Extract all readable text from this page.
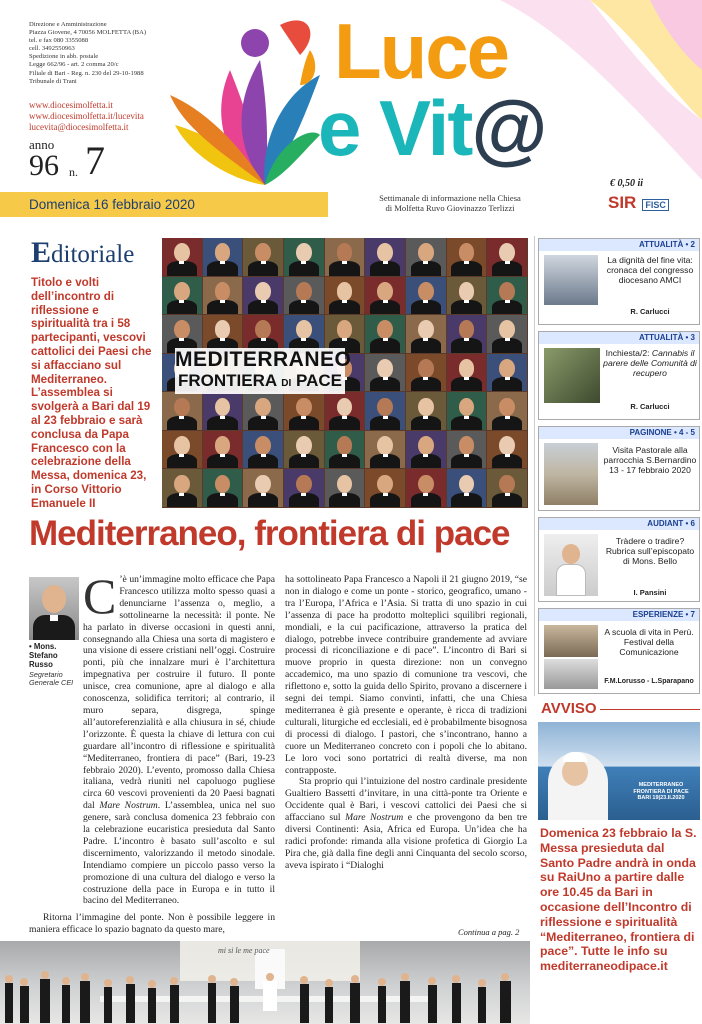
Direzione e Amministrazione
Piazza Giovene, 4 70056 MOLFETTA (BA)
tel. e fax 080 3355088
cell. 3492550963
Spedizione in abb. postale
Legge 662/96 - art. 2 comma 20/c
Filiale di Bari - Reg. n. 230 del 29-10-1988
Tribunale di Trani
www.diocesimolfetta.it
www.diocesimolfetta.it/lucevita
lucevita@diocesimolfetta.it
anno
96 n. 7
Luce
e Vit@
Settimanale di informazione nella Chiesa
di Molfetta Ruvo Giovinazzo Terlizzi
€ 0,50 ii
SIR FISC
Domenica 16 febbraio 2020
Editoriale
Titolo e volti dell’incontro di riflessione e spiritualità tra i 58 partecipanti, vescovi cattolici dei Paesi che si affacciano sul Mediterraneo. L’assemblea si svolgerà a Bari dal 19 al 23 febbraio e sarà conclusa da Papa Francesco con la celebrazione della Messa, domenica 23, in Corso Vittorio Emanuele II
MEDITERRANEO
FRONTIERA DI PACE
Mediterraneo, frontiera di pace
• Mons. Stefano Russo
Segretario Generale CEI

C ’è un’immagine molto efficace che Papa Francesco utilizza molto spesso quasi a denunciarne l’assenza o, meglio, a sottolinearne la necessità: il ponte. Ne ha parlato in diverse occasioni in questi anni, consegnando alla Chiesa una sorta di magistero e una visione di essere cristiani nell’oggi. Costruire ponti, più che innalzare muri è l’architettura impegnativa per costruire il futuro. Il ponte unisce, crea comunione, apre al dialogo e alla conoscenza, solidifica territori; al contrario, il muro separa, disgrega, spinge all’autoreferenzialità e alla chiusura in sé, chiude l’orizzonte. È questa la chiave di lettura con cui guardare all’incontro di riflessione e spiritualità “Mediterraneo, frontiera di pace” (Bari, 19-23 febbraio 2020). L’evento, promosso dalla Chiesa italiana, vedrà riuniti nel capoluogo pugliese circa 60 vescovi provenienti da 20 Paesi bagnati dal Mare Nostrum. L’assemblea, unica nel suo genere, sarà conclusa domenica 23 febbraio con la celebrazione eucaristica presieduta dal Santo Padre. L’incontro è basato sull’ascolto e sul discernimento, valorizzando il metodo sinodale. Intendiamo compiere un piccolo passo verso la promozione di una cultura del dialogo e verso la costruzione della pace in Europa e in tutto il bacino del Mediterraneo.

Ritorna l’immagine del ponte. Non è possibile leggere in maniera efficace lo spazio bagnato da questo mare,

ha sottolineato Papa Francesco a Napoli il 21 giugno 2019, “se non in dialogo e come un ponte - storico, geografico, umano - tra l’Europa, l’Africa e l’Asia. Si tratta di uno spazio in cui l’assenza di pace ha prodotto molteplici squilibri regionali, mondiali, e la cui pacificazione, attraverso la pratica del dialogo, potrebbe invece contribuire grandemente ad avviare processi di riconciliazione e di pace”. L’incontro di Bari si muove proprio in questa direzione: non un convegno accademico, ma uno spazio di comunione tra vescovi, che riflettono e, sotto la guida dello Spirito, provano a discernere i segni dei tempi. Siamo convinti, infatti, che una Chiesa mediterranea è già presente e operante, è ricca di tradizioni culturali, liturgiche ed ecclesiali, ed è probabilmente bisognosa di processi di dialogo. I pastori, che s’incontrano, hanno a cuore un Mediterraneo concreto con i popoli che lo abitano. Le loro voci sono portatrici di realtà diverse, ma non contrapposte.

Sta proprio qui l’intuizione del nostro cardinale presidente Gualtiero Bassetti d’invitare, in una città-ponte tra Oriente e Occidente qual è Bari, i vescovi cattolici dei Paesi che si affacciano sul Mare Nostrum e che provengono da ben tre diversi Continenti: Asia, Africa ed Europa. Un’idea che ha radici profonde: rimanda alla visione profetica di Giorgio La Pira che, già dalla fine degli anni Cinquanta del secolo scorso, aveva ispirato i “Dialoghi

Continua a pag. 2
mi si le me pace
ATTUALITÀ • 2
La dignità del fine vita: cronaca del congresso diocesano AMCI
R. Carlucci
ATTUALITÀ • 3
Inchiesta/2: Cannabis il parere delle Comunità di recupero
R. Carlucci
PAGINONE • 4 - 5
Visita Pastorale alla parrocchia S.Bernardino 13 - 17 febbraio 2020
AUDIANT • 6
Tràdere o tradire? Rubrica sull’episcopato di Mons. Bello
I. Pansini
ESPERIENZE • 7
A scuola di vita in Perù. Festival della Comunicazione
F.M.Lorusso - L.Sparapano
AVVISO
MEDITERRANEO FRONTIERA DI PACE BARI 19|23.II.2020
Domenica 23 febbraio la S. Messa presieduta dal Santo Padre andrà in onda su RaiUno a partire dalle ore 10.45 da Bari in occasione dell’Incontro di riflessione e spiritualità “Mediterraneo, frontiera di pace”. Tutte le info su mediterraneodipace.it
